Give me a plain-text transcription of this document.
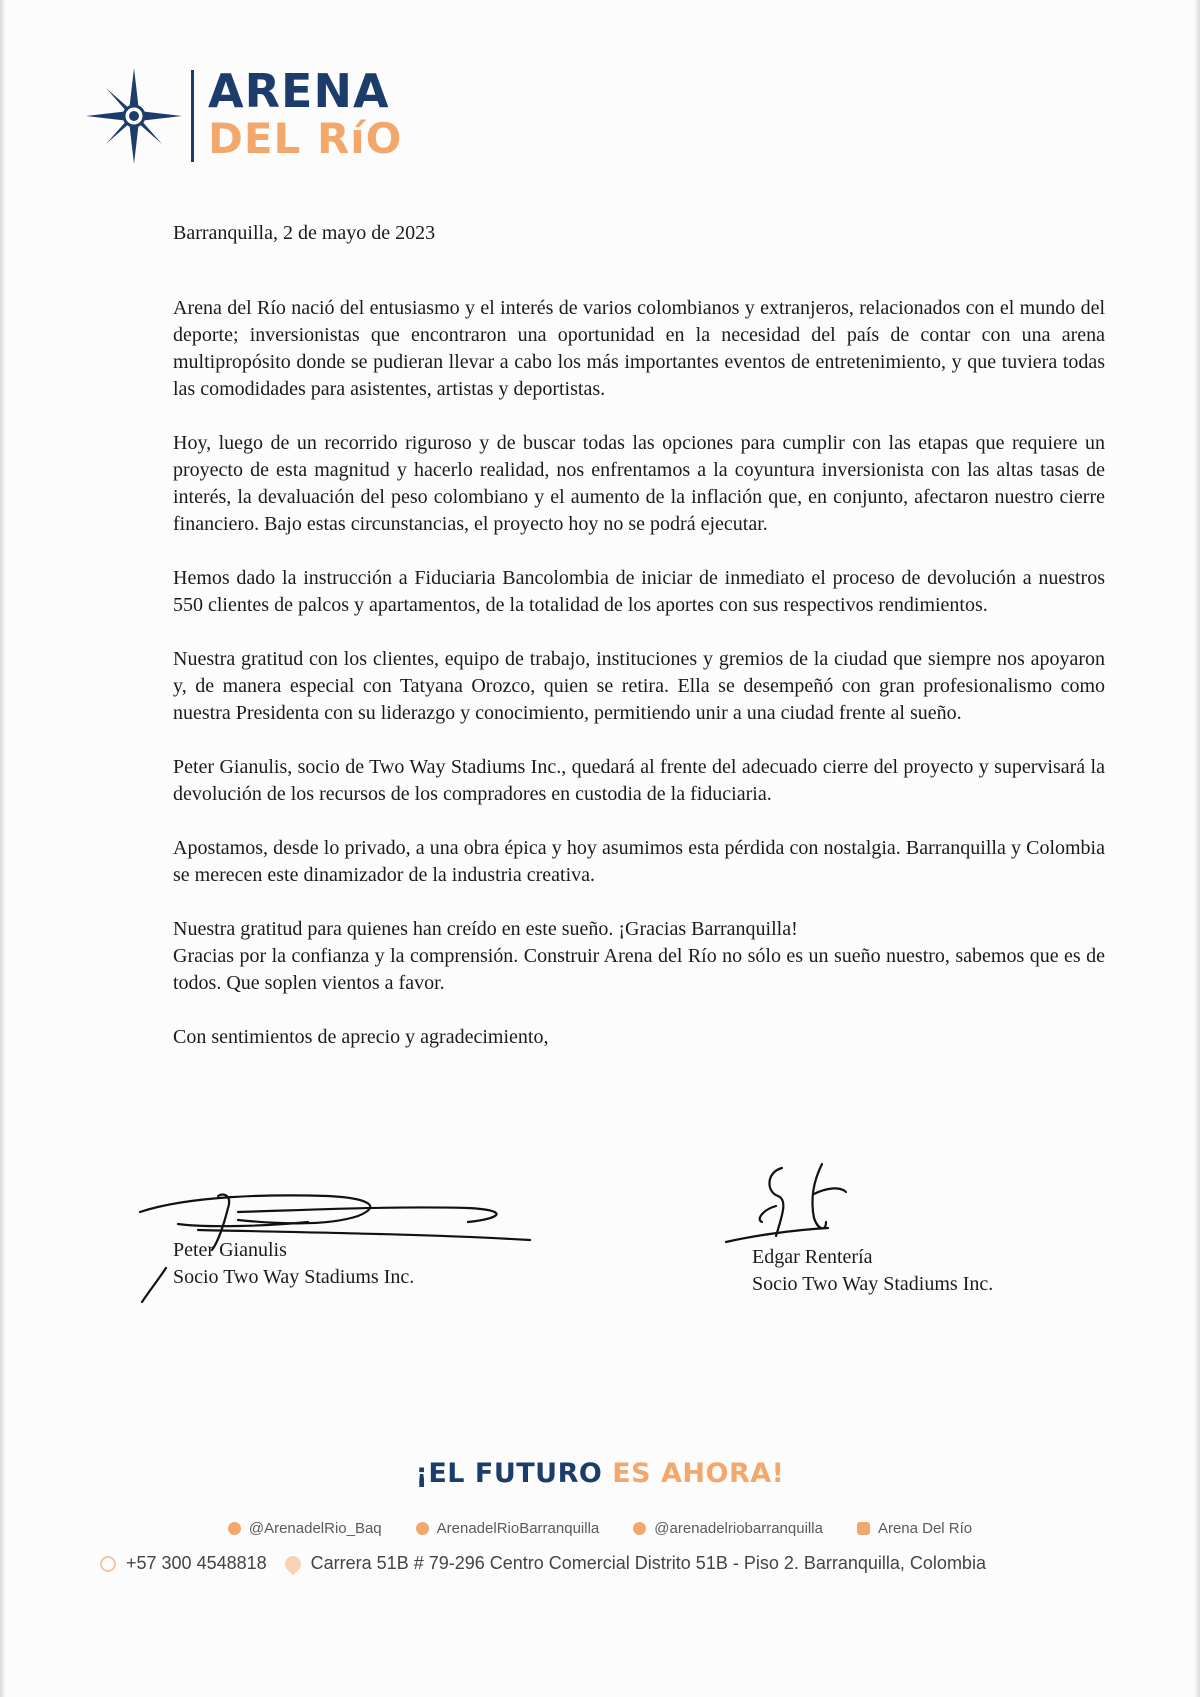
ARENA
DEL RíO

Barranquilla, 2 de mayo de 2023

Arena del Río nació del entusiasmo y el interés de varios colombianos y extranjeros, relacionados con el mundo del deporte; inversionistas que encontraron una oportunidad en la necesidad del país de contar con una arena multipropósito donde se pudieran llevar a cabo los más importantes eventos de entretenimiento, y que tuviera todas las comodidades para asistentes, artistas y deportistas.

Hoy, luego de un recorrido riguroso y de buscar todas las opciones para cumplir con las etapas que requiere un proyecto de esta magnitud y hacerlo realidad, nos enfrentamos a la coyuntura inversionista con las altas tasas de interés, la devaluación del peso colombiano y el aumento de la inflación que, en conjunto, afectaron nuestro cierre financiero. Bajo estas circunstancias, el proyecto hoy no se podrá ejecutar.

Hemos dado la instrucción a Fiduciaria Bancolombia de iniciar de inmediato el proceso de devolución a nuestros 550 clientes de palcos y apartamentos, de la totalidad de los aportes con sus respectivos rendimientos.

Nuestra gratitud con los clientes, equipo de trabajo, instituciones y gremios de la ciudad que siempre nos apoyaron y, de manera especial con Tatyana Orozco, quien se retira. Ella se desempeñó con gran profesionalismo como nuestra Presidenta con su liderazgo y conocimiento, permitiendo unir a una ciudad frente al sueño.

Peter Gianulis, socio de Two Way Stadiums Inc., quedará al frente del adecuado cierre del proyecto y supervisará la devolución de los recursos de los compradores en custodia de la fiduciaria.

Apostamos, desde lo privado, a una obra épica y hoy asumimos esta pérdida con nostalgia. Barranquilla y Colombia se merecen este dinamizador de la industria creativa.

Nuestra gratitud para quienes han creído en este sueño. ¡Gracias Barranquilla!

Gracias por la confianza y la comprensión. Construir Arena del Río no sólo es un sueño nuestro, sabemos que es de todos. Que soplen vientos a favor.

Con sentimientos de aprecio y agradecimiento,

Peter Gianulis
Socio Two Way Stadiums Inc.
Edgar Rentería
Socio Two Way Stadiums Inc.
¡EL FUTURO ES AHORA!
@ArenadelRio_Baq	ArenadelRioBarranquilla	@arenadelriobarranquilla	Arena Del Río
+57 300 4548818 Carrera 51B # 79-296 Centro Comercial Distrito 51B - Piso 2. Barranquilla, Colombia
